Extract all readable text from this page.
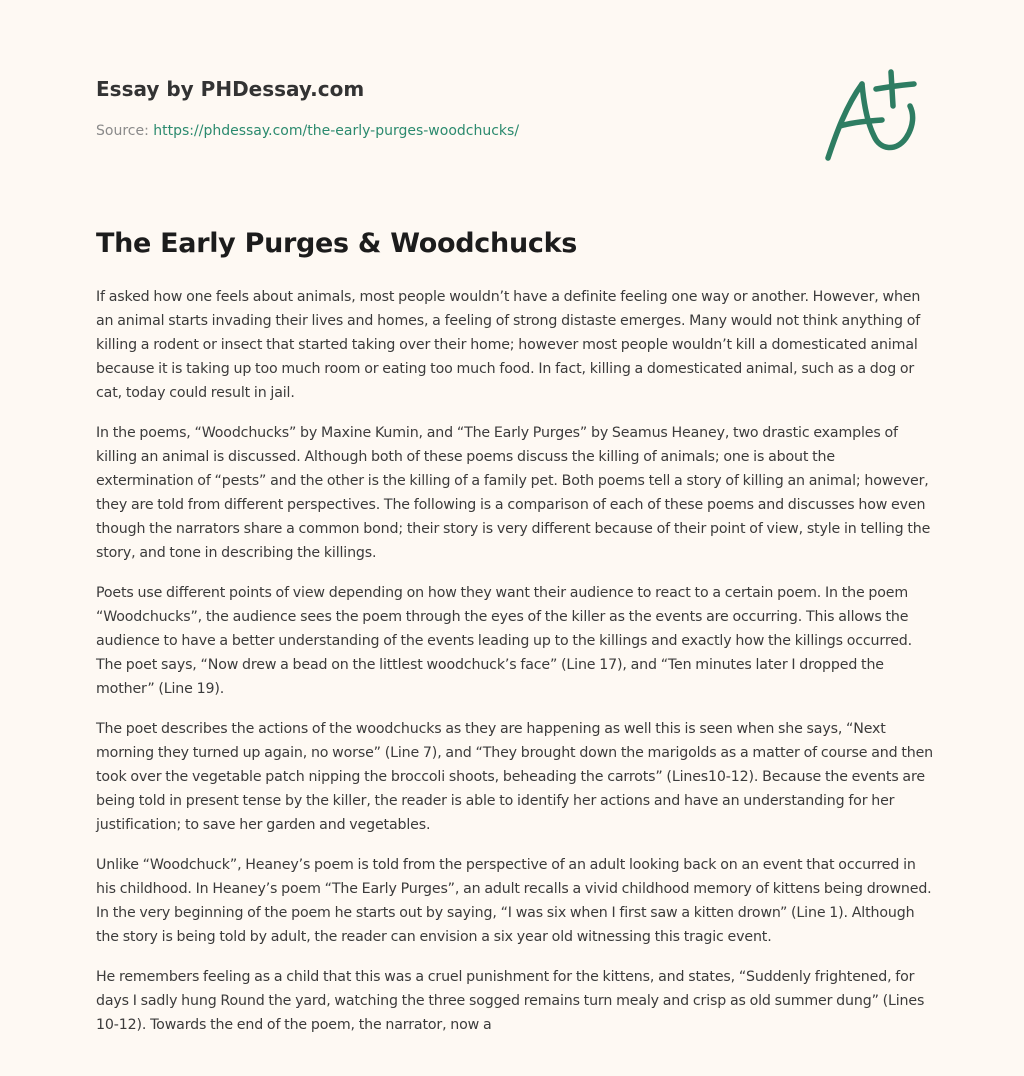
Essay by PHDessay.com
Source: https://phdessay.com/the-early-purges-woodchucks/
The Early Purges & Woodchucks

If asked how one feels about animals, most people wouldn’t have a definite feeling one way or another. However, when an animal starts invading their lives and homes, a feeling of strong distaste emerges. Many would not think anything of killing a rodent or insect that started taking over their home; however most people wouldn’t kill a domesticated animal because it is taking up too much room or eating too much food. In fact, killing a domesticated animal, such as a dog or cat, today could result in jail.

In the poems, “Woodchucks” by Maxine Kumin, and “The Early Purges” by Seamus Heaney, two drastic examples of killing an animal is discussed. Although both of these poems discuss the killing of animals; one is about the extermination of “pests” and the other is the killing of a family pet. Both poems tell a story of killing an animal; however, they are told from different perspectives. The following is a comparison of each of these poems and discusses how even though the narrators share a common bond; their story is very different because of their point of view, style in telling the story, and tone in describing the killings.

Poets use different points of view depending on how they want their audience to react to a certain poem. In the poem “Woodchucks”, the audience sees the poem through the eyes of the killer as the events are occurring. This allows the audience to have a better understanding of the events leading up to the killings and exactly how the killings occurred. The poet says, “Now drew a bead on the littlest woodchuck’s face” (Line 17), and “Ten minutes later I dropped the mother” (Line 19).

The poet describes the actions of the woodchucks as they are happening as well this is seen when she says, “Next morning they turned up again, no worse” (Line 7), and “They brought down the marigolds as a matter of course and then took over the vegetable patch nipping the broccoli shoots, beheading the carrots” (Lines10-12). Because the events are being told in present tense by the killer, the reader is able to identify her actions and have an understanding for her justification; to save her garden and vegetables.

Unlike “Woodchuck”, Heaney’s poem is told from the perspective of an adult looking back on an event that occurred in his childhood. In Heaney’s poem “The Early Purges”, an adult recalls a vivid childhood memory of kittens being drowned. In the very beginning of the poem he starts out by saying, “I was six when I first saw a kitten drown” (Line 1). Although the story is being told by adult, the reader can envision a six year old witnessing this tragic event.

He remembers feeling as a child that this was a cruel punishment for the kittens, and states, “Suddenly frightened, for days I sadly hung Round the yard, watching the three sogged remains turn mealy and crisp as old summer dung” (Lines 10-12). Towards the end of the poem, the narrator, now a
